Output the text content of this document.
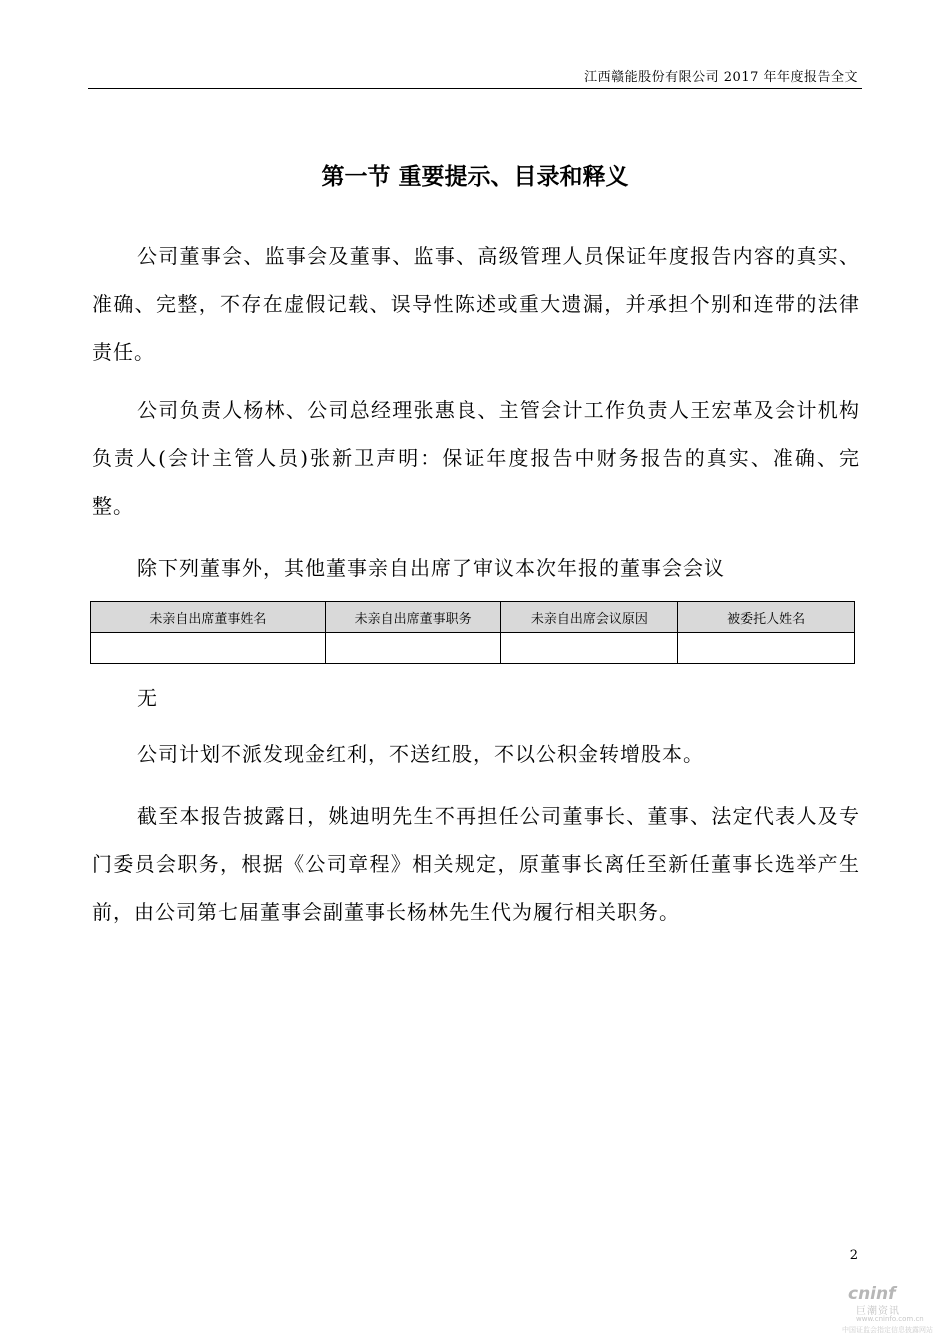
江西赣能股份有限公司 2017 年年度报告全文
第一节 重要提示、目录和释义

公司董事会、监事会及董事、监事、高级管理人员保证年度报告内容的真实、准确、完整，不存在虚假记载、误导性陈述或重大遗漏，并承担个别和连带的法律责任。

公司负责人杨林、公司总经理张惠良、主管会计工作负责人王宏革及会计机构负责人(会计主管人员)张新卫声明：保证年度报告中财务报告的真实、准确、完整。

除下列董事外，其他董事亲自出席了审议本次年报的董事会会议

未亲自出席董事姓名	未亲自出席董事职务	未亲自出席会议原因	被委托人姓名

无

公司计划不派发现金红利，不送红股，不以公积金转增股本。

截至本报告披露日，姚迪明先生不再担任公司董事长、董事、法定代表人及专门委员会职务，根据《公司章程》相关规定，原董事长离任至新任董事长选举产生前，由公司第七届董事会副董事长杨林先生代为履行相关职务。

2
cninf
巨潮资讯
www.cninfo.com.cn
中国证监会指定信息披露网站
